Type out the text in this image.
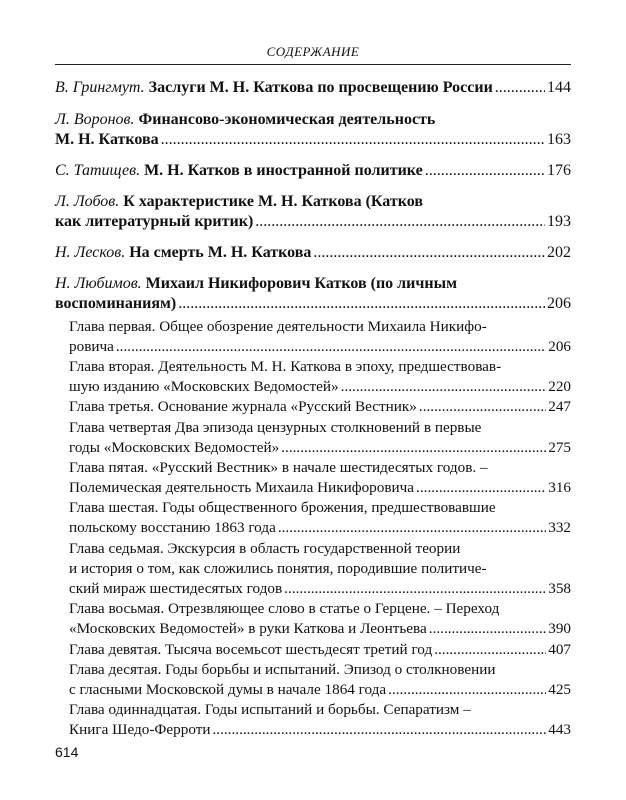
СОДЕРЖАНИЕ
В. Грингмут.
Заслуги М. Н. Каткова по просвещению России .....	144
Л. Воронов.
Финансово-экономическая деятельность
М. Н. Каткова .....	163
С. Татищев.
М. Н. Катков в иностранной политике .....	176
Л. Лобов.
К характеристике М. Н. Каткова (Катков
как литературный критик) .....	193
Н. Лесков.
На смерть М. Н. Каткова .....	202
Н. Любимов.
Михаил Никифорович Катков (по личным
воспоминаниям) .....	206
Глава первая. Общее обозрение деятельности Михаила Никифо-
ровича .....	206
Глава вторая. Деятельность М. Н. Каткова в эпоху, предшествовав-
шую изданию «Московских Ведомостей» .....	220
Глава третья. Основание журнала «Русский Вестник» .....	247
Глава четвертая Два эпизода цензурных столкновений в первые
годы «Московских Ведомостей» .....	275
Глава пятая. «Русский Вестник» в начале шестидесятых годов. –
Полемическая деятельность Михаила Никифоровича .....	316
Глава шестая. Годы общественного брожения, предшествовавшие
польскому восстанию 1863 года .....	332
Глава седьмая. Экскурсия в область государственной теории
и история о том, как сложились понятия, породившие политиче-
ский мираж шестидесятых годов .....	358
Глава восьмая. Отрезвляющее слово в статье о Герцене. – Переход
«Московских Ведомостей» в руки Каткова и Леонтьева .....	390
Глава девятая. Тысяча восемьсот шестьдесят третий год .....	407
Глава десятая. Годы борьбы и испытаний. Эпизод о столкновении
с гласными Московской думы в начале 1864 года .....	425
Глава одиннадцатая. Годы испытаний и борьбы. Сепаратизм –
Книга Шедо-Ферроти .....	443
614
